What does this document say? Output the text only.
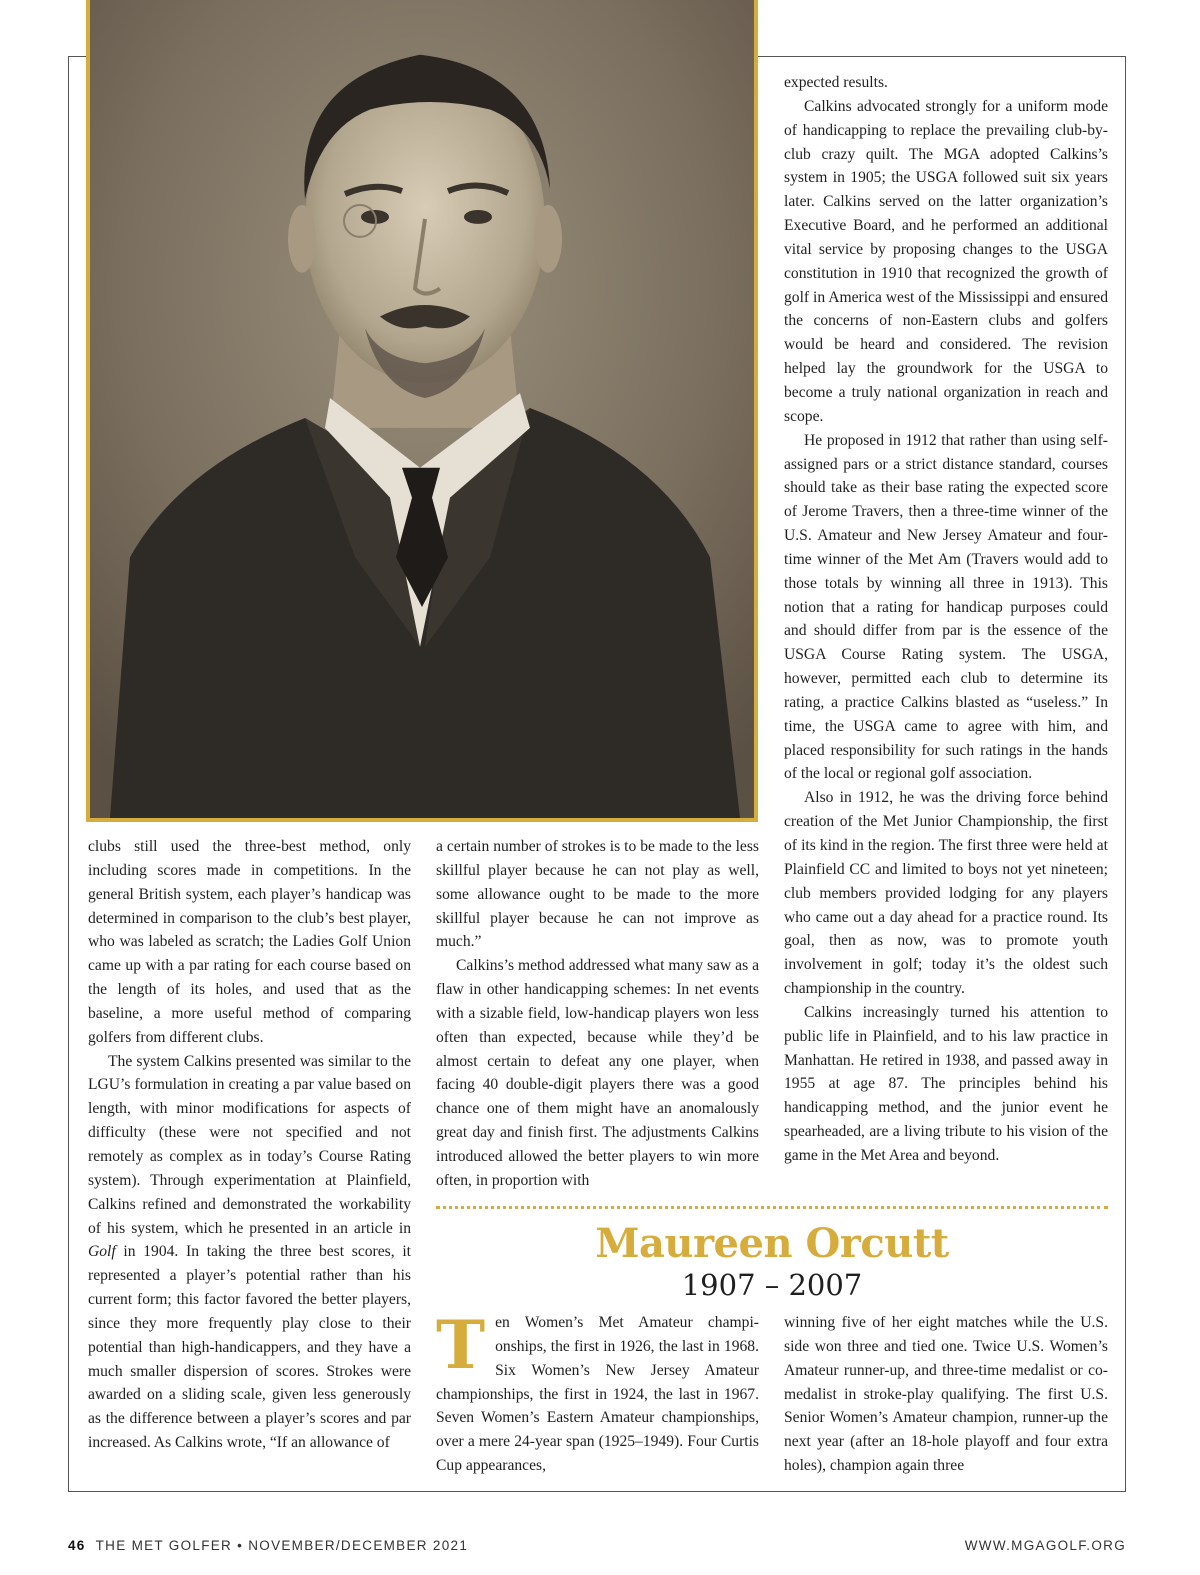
clubs still used the three-best method, only including scores made in competitions. In the general British system, each player’s handicap was determined in comparison to the club’s best player, who was labeled as scratch; the Ladies Golf Union came up with a par rating for each course based on the length of its holes, and used that as the baseline, a more useful method of comparing golfers from different clubs.

The system Calkins presented was similar to the LGU’s formulation in creating a par value based on length, with minor modifications for aspects of difficulty (these were not specified and not remotely as complex as in today’s Course Rating system). Through experimentation at Plainfield, Calkins refined and demonstrated the workability of his system, which he presented in an article in Golf in 1904. In taking the three best scores, it represented a player’s potential rather than his current form; this factor favored the better players, since they more frequently play close to their potential than high-handicappers, and they have a much smaller dispersion of scores. Strokes were awarded on a sliding scale, given less generously as the difference between a player’s scores and par increased. As Calkins wrote, “If an allowance of

a certain number of strokes is to be made to the less skillful player because he can not play as well, some allowance ought to be made to the more skillful player because he can not improve as much.”

Calkins’s method addressed what many saw as a flaw in other handicapping schemes: In net events with a sizable field, low-handicap players won less often than expected, because while they’d be almost certain to defeat any one player, when facing 40 double-digit players there was a good chance one of them might have an anomalously great day and finish first. The adjustments Calkins introduced allowed the better players to win more often, in proportion with

expected results.

Calkins advocated strongly for a uniform mode of handicapping to replace the prevailing club-by-club crazy quilt. The MGA adopted Calkins’s system in 1905; the USGA followed suit six years later. Calkins served on the latter organization’s Executive Board, and he performed an additional vital service by proposing changes to the USGA constitution in 1910 that recognized the growth of golf in America west of the Mississippi and ensured the concerns of non-Eastern clubs and golfers would be heard and considered. The revision helped lay the groundwork for the USGA to become a truly national organization in reach and scope.

He proposed in 1912 that rather than using self-assigned pars or a strict distance standard, courses should take as their base rating the expected score of Jerome Travers, then a three-time winner of the U.S. Amateur and New Jersey Amateur and four-time winner of the Met Am (Travers would add to those totals by winning all three in 1913). This notion that a rating for handicap purposes could and should differ from par is the essence of the USGA Course Rating system. The USGA, however, permitted each club to determine its rating, a practice Calkins blasted as “useless.” In time, the USGA came to agree with him, and placed responsibility for such ratings in the hands of the local or regional golf association.

Also in 1912, he was the driving force behind creation of the Met Junior Championship, the first of its kind in the region. The first three were held at Plainfield CC and limited to boys not yet nineteen; club members provided lodging for any players who came out a day ahead for a practice round. Its goal, then as now, was to promote youth involvement in golf; today it’s the oldest such championship in the country.

Calkins increasingly turned his attention to public life in Plainfield, and to his law practice in Manhattan. He retired in 1938, and passed away in 1955 at age 87. The principles behind his handicapping method, and the junior event he spearheaded, are a living tribute to his vision of the game in the Met Area and beyond.

Maureen Orcutt
1907 – 2007

Ten Women’s Met Amateur championships, the first in 1926, the last in 1968. Six Women’s New Jersey Amateur championships, the first in 1924, the last in 1967. Seven Women’s Eastern Amateur championships, over a mere 24-year span (1925–1949). Four Curtis Cup appearances,

winning five of her eight matches while the U.S. side won three and tied one. Twice U.S. Women’s Amateur runner-up, and three-time medalist or co-medalist in stroke-play qualifying. The first U.S. Senior Women’s Amateur champion, runner-up the next year (after an 18-hole playoff and four extra holes), champion again three

46 THE MET GOLFER • NOVEMBER/DECEMBER 2021	WWW.MGAGOLF.ORG
